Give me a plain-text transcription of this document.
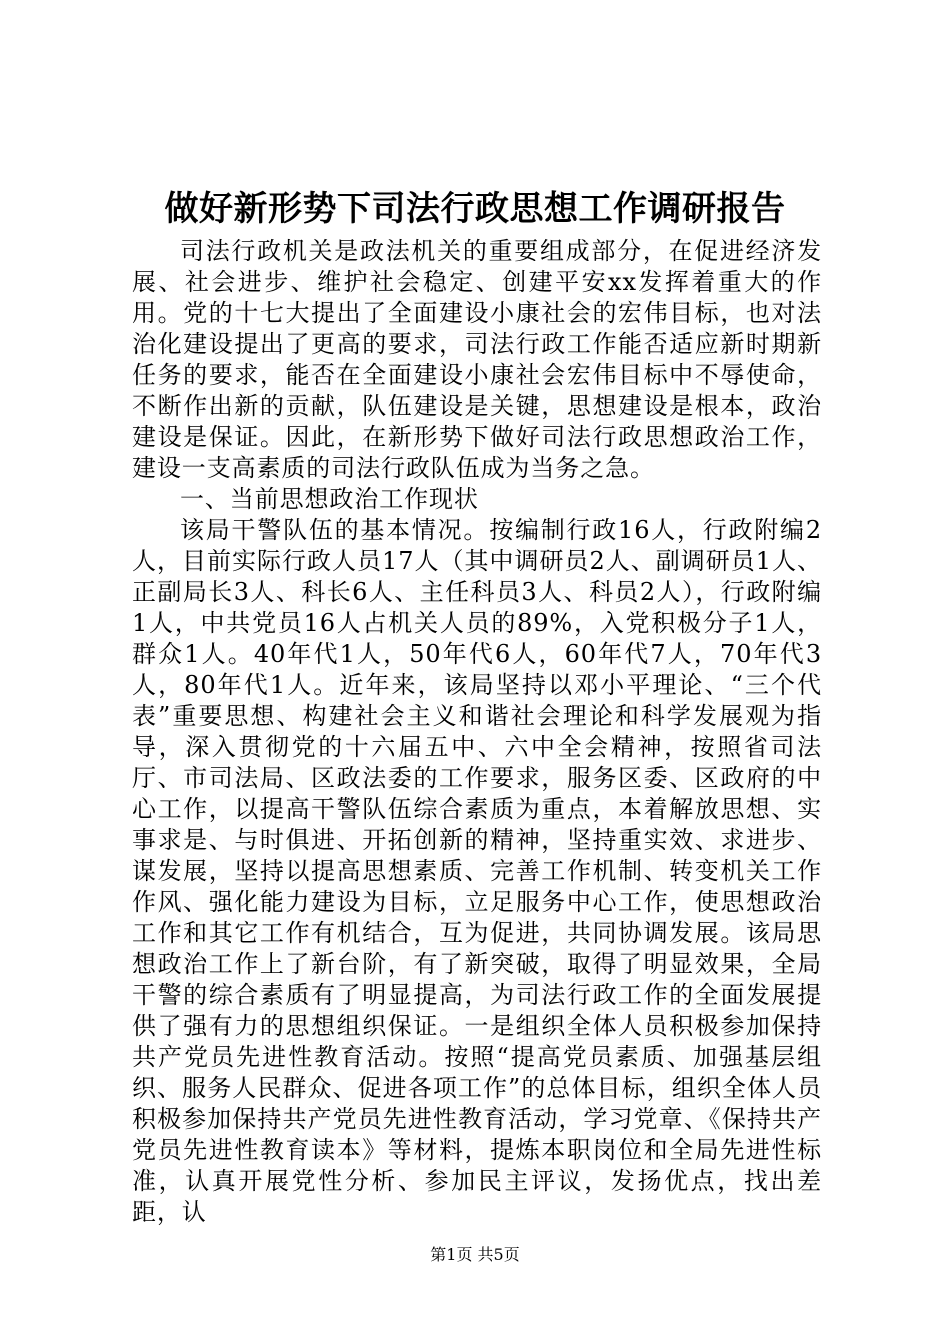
做好新形势下司法行政思想工作调研报告

司法行政机关是政法机关的重要组成部分，在促进经济发展、社会进步、维护社会稳定、创建平安xx发挥着重大的作用。党的十七大提出了全面建设小康社会的宏伟目标，也对法治化建设提出了更高的要求，司法行政工作能否适应新时期新任务的要求，能否在全面建设小康社会宏伟目标中不辱使命，不断作出新的贡献，队伍建设是关键，思想建设是根本，政治建设是保证。因此，在新形势下做好司法行政思想政治工作，建设一支高素质的司法行政队伍成为当务之急。

一、当前思想政治工作现状

该局干警队伍的基本情况。按编制行政16人，行政附编2人，目前实际行政人员17人（其中调研员2人、副调研员1人、正副局长3人、科长6人、主任科员3人、科员2人），行政附编1人，中共党员16人占机关人员的89%，入党积极分子1人，群众1人。40年代1人，50年代6人，60年代7人，70年代3人，80年代1人。近年来，该局坚持以邓小平理论、“三个代表”重要思想、构建社会主义和谐社会理论和科学发展观为指导，深入贯彻党的十六届五中、六中全会精神，按照省司法厅、市司法局、区政法委的工作要求，服务区委、区政府的中心工作，以提高干警队伍综合素质为重点，本着解放思想、实事求是、与时俱进、开拓创新的精神，坚持重实效、求进步、谋发展，坚持以提高思想素质、完善工作机制、转变机关工作作风、强化能力建设为目标，立足服务中心工作，使思想政治工作和其它工作有机结合，互为促进，共同协调发展。该局思想政治工作上了新台阶，有了新突破，取得了明显效果，全局干警的综合素质有了明显提高，为司法行政工作的全面发展提供了强有力的思想组织保证。一是组织全体人员积极参加保持共产党员先进性教育活动。按照“提高党员素质、加强基层组织、服务人民群众、促进各项工作”的总体目标，组织全体人员积极参加保持共产党员先进性教育活动，学习党章、《保持共产党员先进性教育读本》等材料，提炼本职岗位和全局先进性标准，认真开展党性分析、参加民主评议，发扬优点，找出差距，认

第1页 共5页
